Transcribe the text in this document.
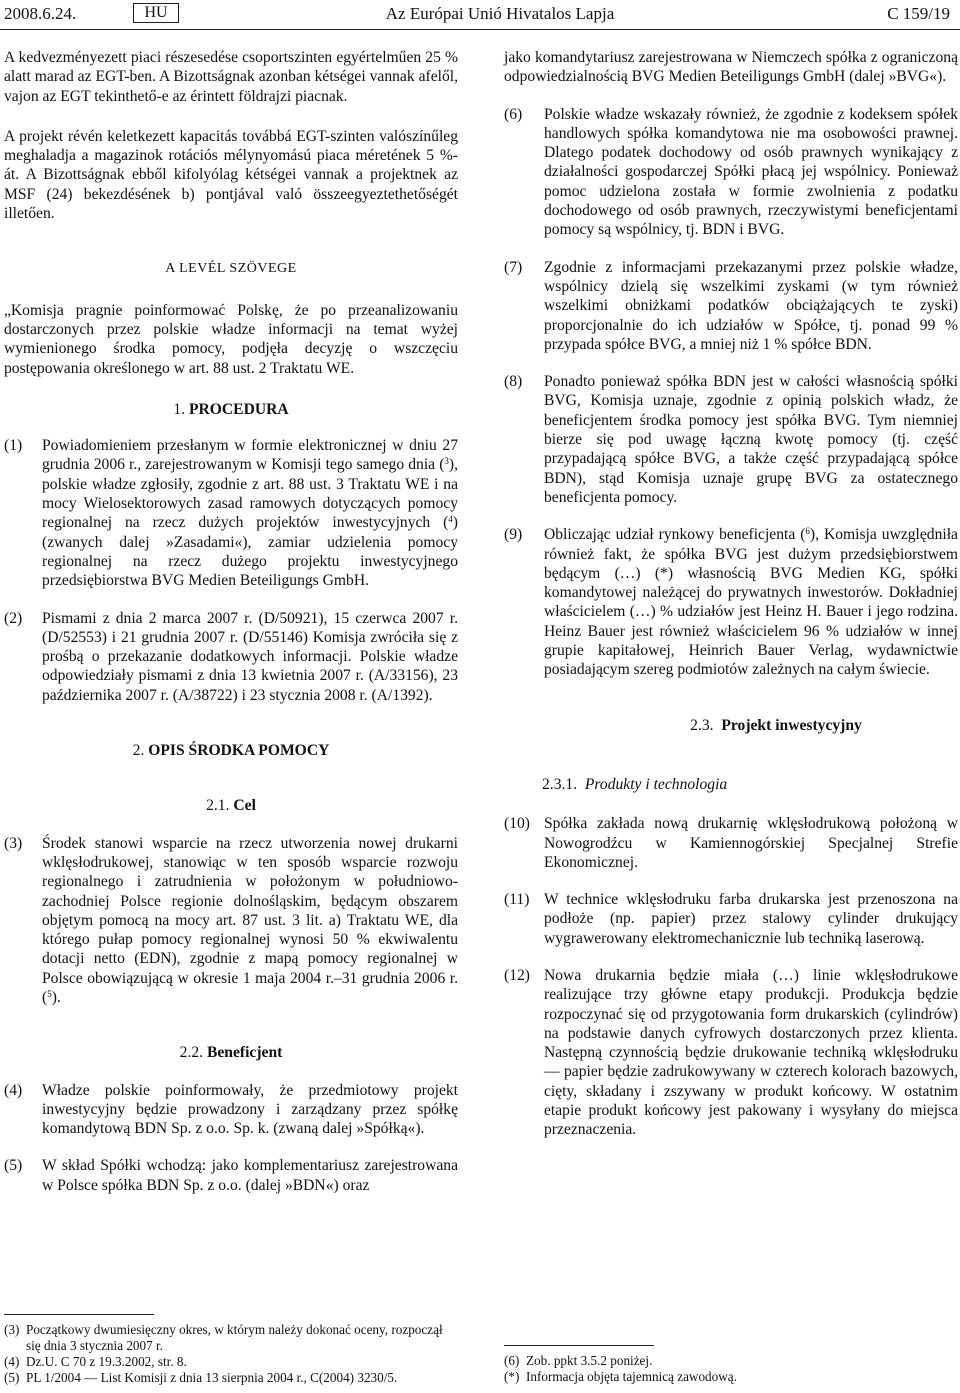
2008.6.24.	HU	Az Európai Unió Hivatalos Lapja	C 159/19

A kedvezményezett piaci részesedése csoportszinten egyértelműen 25 % alatt marad az EGT-ben. A Bizottságnak azonban kétségei vannak afelől, vajon az EGT tekinthető-e az érintett földrajzi piacnak.

A projekt révén keletkezett kapacitás továbbá EGT-szinten valószínűleg meghaladja a magazinok rotációs mélynyomású piaca méretének 5 %-át. A Bizottságnak ebből kifolyólag kétségei vannak a projektnek az MSF (24) bekezdésének b) pontjával való összeegyeztethetőségét illetően.

A LEVÉL SZÖVEGE

„Komisja pragnie poinformować Polskę, że po przeanalizowaniu dostarczonych przez polskie władze informacji na temat wyżej wymienionego środka pomocy, podjęła decyzję o wszczęciu postępowania określonego w art. 88 ust. 2 Traktatu WE.

1. PROCEDURA

(1)	Powiadomieniem przesłanym w formie elektronicznej w dniu 27 grudnia 2006 r., zarejestrowanym w Komisji tego samego dnia ($^3$), polskie władze zgłosiły, zgodnie z art. 88 ust. 3 Traktatu WE i na mocy Wielosektorowych zasad ramowych dotyczących pomocy regionalnej na rzecz dużych projektów inwestycyjnych ($^4$) (zwanych dalej »Zasadami«), zamiar udzielenia pomocy regionalnej na rzecz dużego projektu inwestycyjnego przedsiębiorstwa BVG Medien Beteiligungs GmbH.
(2)	Pismami z dnia 2 marca 2007 r. (D/50921), 15 czerwca 2007 r. (D/52553) i 21 grudnia 2007 r. (D/55146) Komisja zwróciła się z prośbą o przekazanie dodatkowych informacji. Polskie władze odpowiedziały pismami z dnia 13 kwietnia 2007 r. (A/33156), 23 października 2007 r. (A/38722) i 23 stycznia 2008 r. (A/1392).

2. OPIS ŚRODKA POMOCY

2.1. Cel

(3)	Środek stanowi wsparcie na rzecz utworzenia nowej drukarni wklęsłodrukowej, stanowiąc w ten sposób wsparcie rozwoju regionalnego i zatrudnienia w położonym w południowo-zachodniej Polsce regionie dolnośląskim, będącym obszarem objętym pomocą na mocy art. 87 ust. 3 lit. a) Traktatu WE, dla którego pułap pomocy regionalnej wynosi 50 % ekwiwalentu dotacji netto (EDN), zgodnie z mapą pomocy regionalnej w Polsce obowiązującą w okresie 1 maja 2004 r.–31 grudnia 2006 r. ($^5$).

2.2. Beneficjent

(4)	Władze polskie poinformowały, że przedmiotowy projekt inwestycyjny będzie prowadzony i zarządzany przez spółkę komandytową BDN Sp. z o.o. Sp. k. (zwaną dalej »Spółką«).
(5)	W skład Spółki wchodzą: jako komplementariusz zarejestrowana w Polsce spółka BDN Sp. z o.o. (dalej »BDN«) oraz
(3) Początkowy dwumiesięczny okres, w którym należy dokonać oceny, rozpoczął się dnia 3 stycznia 2007 r.
(4) Dz.U. C 70 z 19.3.2002, str. 8.
(5) PL 1/2004 — List Komisji z dnia 13 sierpnia 2004 r., C(2004) 3230/5.

jako komandytariusz zarejestrowana w Niemczech spółka z ograniczoną odpowiedzialnością BVG Medien Beteiligungs GmbH (dalej »BVG«).

(6)	Polskie władze wskazały również, że zgodnie z kodeksem spółek handlowych spółka komandytowa nie ma osobowości prawnej. Dlatego podatek dochodowy od osób prawnych wynikający z działalności gospodarczej Spółki płacą jej wspólnicy. Ponieważ pomoc udzielona została w formie zwolnienia z podatku dochodowego od osób prawnych, rzeczywistymi beneficjentami pomocy są wspólnicy, tj. BDN i BVG.
(7)	Zgodnie z informacjami przekazanymi przez polskie władze, wspólnicy dzielą się wszelkimi zyskami (w tym również wszelkimi obniżkami podatków obciążających te zyski) proporcjonalnie do ich udziałów w Spółce, tj. ponad 99 % przypada spółce BVG, a mniej niż 1 % spółce BDN.
(8)	Ponadto ponieważ spółka BDN jest w całości własnością spółki BVG, Komisja uznaje, zgodnie z opinią polskich władz, że beneficjentem środka pomocy jest spółka BVG. Tym niemniej bierze się pod uwagę łączną kwotę pomocy (tj. część przypadającą spółce BVG, a także część przypadającą spółce BDN), stąd Komisja uznaje grupę BVG za ostatecznego beneficjenta pomocy.
(9)	Obliczając udział rynkowy beneficjenta ($^6$), Komisja uwzględniła również fakt, że spółka BVG jest dużym przedsiębiorstwem będącym (…) (*) własnością BVG Medien KG, spółki komandytowej należącej do prywatnych inwestorów. Dokładniej właścicielem (…) % udziałów jest Heinz H. Bauer i jego rodzina. Heinz Bauer jest również właścicielem 96 % udziałów w innej grupie kapitałowej, Heinrich Bauer Verlag, wydawnictwie posiadającym szereg podmiotów zależnych na całym świecie.

2.3. Projekt inwestycyjny

2.3.1. Produkty i technologia

(10) Spółka zakłada nową drukarnię wklęsłodrukową położoną w Nowogrodźcu w Kamiennogórskiej Specjalnej Strefie Ekonomicznej.
(11) W technice wklęsłodruku farba drukarska jest przenoszona na podłoże (np. papier) przez stalowy cylinder drukujący wygrawerowany elektromechanicznie lub techniką laserową.
(12) Nowa drukarnia będzie miała (…) linie wklęsłodrukowe realizujące trzy główne etapy produkcji. Produkcja będzie rozpoczynać się od przygotowania form drukarskich (cylindrów) na podstawie danych cyfrowych dostarczonych przez klienta. Następną czynnością będzie drukowanie techniką wklęsłodruku — papier będzie zadrukowywany w czterech kolorach bazowych, cięty, składany i zszywany w produkt końcowy. W ostatnim etapie produkt końcowy jest pakowany i wysyłany do miejsca przeznaczenia.
(6) Zob. ppkt 3.5.2 poniżej.
(*) Informacja objęta tajemnicą zawodową.
